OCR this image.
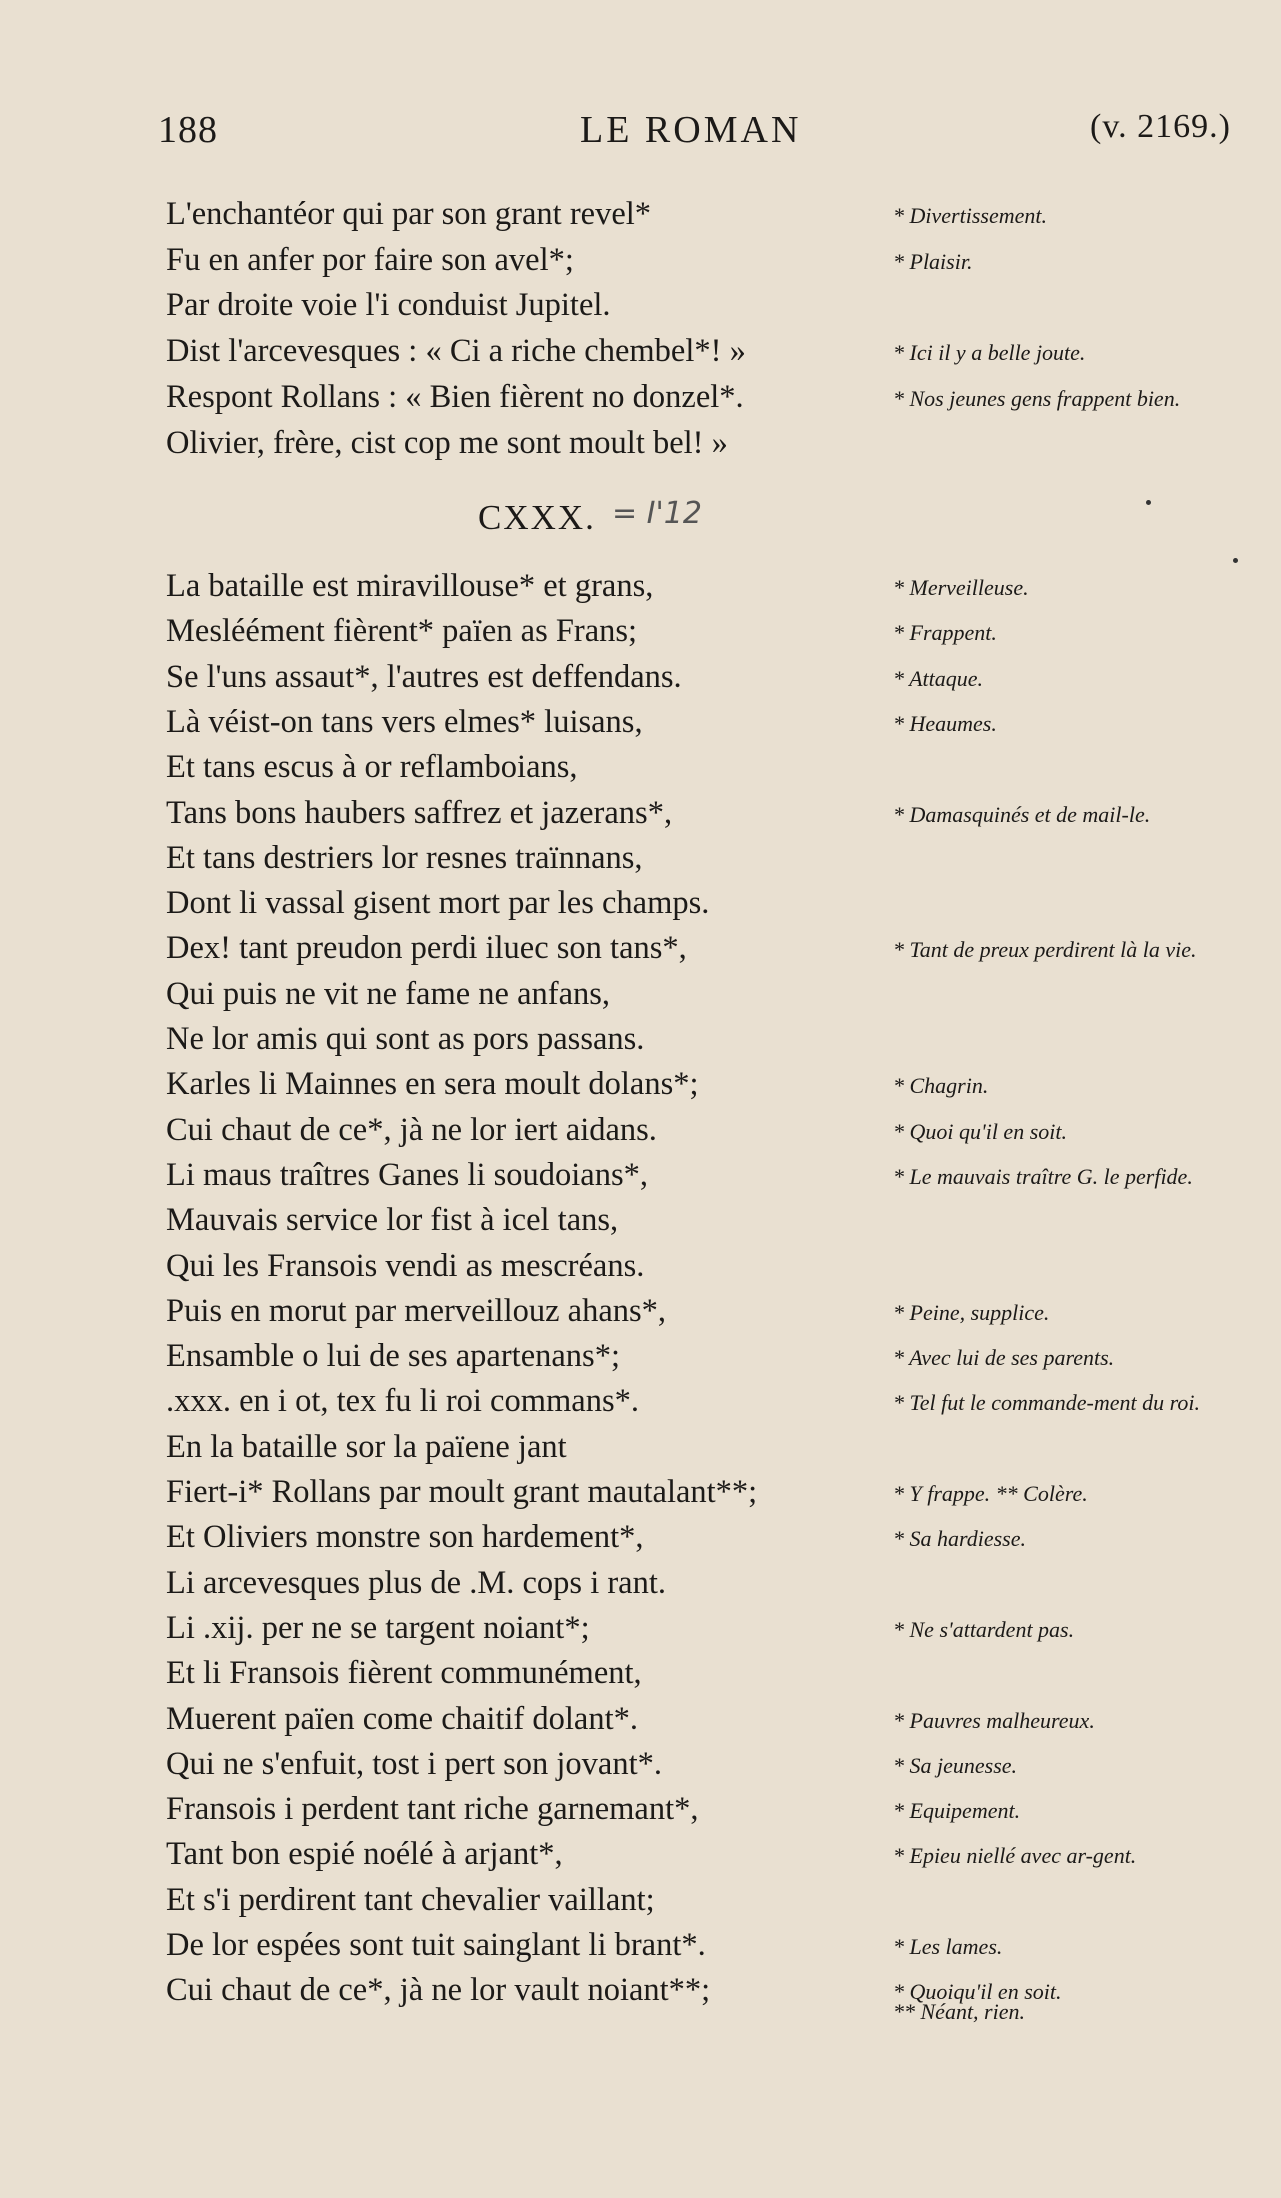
188	LE ROMAN	(v. 2169.)
CXXX. = I'12
L'enchantéor qui par son grant revel*	* Divertissement.
Fu en anfer por faire son avel*;	* Plaisir.
Par droite voie l'i conduist Jupitel.
Dist l'arcevesques : « Ci a riche chembel*! »	* Ici il y a belle joute.
Respont Rollans : « Bien fièrent no donzel*.	* Nos jeunes gens frappent bien.
Olivier, frère, cist cop me sont moult bel! »
La bataille est miravillouse* et grans,	* Merveilleuse.
Mesléément fièrent* païen as Frans;	* Frappent.
Se l'uns assaut*, l'autres est deffendans.	* Attaque.
Là véist-on tans vers elmes* luisans,	* Heaumes.
Et tans escus à or reflamboians,
Tans bons haubers saffrez et jazerans*,	* Damasquinés et de mail-le.
Et tans destriers lor resnes traïnnans,
Dont li vassal gisent mort par les champs.
Dex! tant preudon perdi iluec son tans*,	* Tant de preux perdirent là la vie.
Qui puis ne vit ne fame ne anfans,
Ne lor amis qui sont as pors passans.
Karles li Mainnes en sera moult dolans*;	* Chagrin.
Cui chaut de ce*, jà ne lor iert aidans.	* Quoi qu'il en soit.
Li maus traîtres Ganes li soudoians*,	* Le mauvais traître G. le perfide.
Mauvais service lor fist à icel tans,
Qui les Fransois vendi as mescréans.
Puis en morut par merveillouz ahans*,	* Peine, supplice.
Ensamble o lui de ses apartenans*;	* Avec lui de ses parents.
.xxx. en i ot, tex fu li roi commans*.	* Tel fut le commande-ment du roi.
En la bataille sor la païene jant
Fiert-i* Rollans par moult grant mautalant**;	* Y frappe. ** Colère.
Et Oliviers monstre son hardement*,	* Sa hardiesse.
Li arcevesques plus de .M. cops i rant.
Li .xij. per ne se targent noiant*;	* Ne s'attardent pas.
Et li Fransois fièrent communément,
Muerent païen come chaitif dolant*.	* Pauvres malheureux.
Qui ne s'enfuit, tost i pert son jovant*.	* Sa jeunesse.
Fransois i perdent tant riche garnemant*,	* Equipement.
Tant bon espié noélé à arjant*,	* Epieu niellé avec ar-gent.
Et s'i perdirent tant chevalier vaillant;
De lor espées sont tuit sainglant li brant*.	* Les lames.
Cui chaut de ce*, jà ne lor vault noiant**;	* Quoiqu'il en soit.
** Néant, rien.
